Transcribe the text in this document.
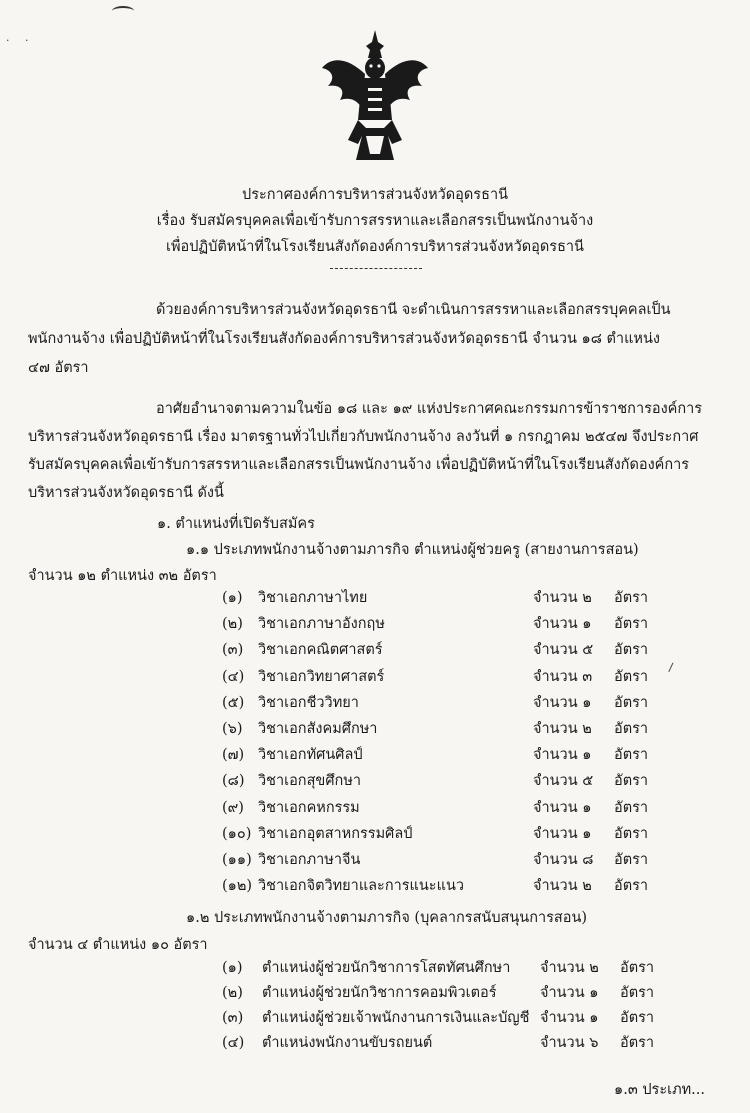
· ·
ประกาศองค์การบริหารส่วนจังหวัดอุดรธานี
เรื่อง รับสมัครบุคคลเพื่อเข้ารับการสรรหาและเลือกสรรเป็นพนักงานจ้าง
เพื่อปฏิบัติหน้าที่ในโรงเรียนสังกัดองค์การบริหารส่วนจังหวัดอุดรธานี
ด้วยองค์การบริหารส่วนจังหวัดอุดรธานี จะดำเนินการสรรหาและเลือกสรรบุคคลเป็น
พนักงานจ้าง เพื่อปฏิบัติหน้าที่ในโรงเรียนสังกัดองค์การบริหารส่วนจังหวัดอุดรธานี จำนวน ๑๘ ตำแหน่ง
๔๗ อัตรา
อาศัยอำนาจตามความในข้อ ๑๘ และ ๑๙ แห่งประกาศคณะกรรมการข้าราชการองค์การ
บริหารส่วนจังหวัดอุดรธานี เรื่อง มาตรฐานทั่วไปเกี่ยวกับพนักงานจ้าง ลงวันที่ ๑ กรกฎาคม ๒๕๔๗ จึงประกาศ
รับสมัครบุคคลเพื่อเข้ารับการสรรหาและเลือกสรรเป็นพนักงานจ้าง เพื่อปฏิบัติหน้าที่ในโรงเรียนสังกัดองค์การ
บริหารส่วนจังหวัดอุดรธานี ดังนี้
๑. ตำแหน่งที่เปิดรับสมัคร
๑.๑ ประเภทพนักงานจ้างตามภารกิจ ตำแหน่งผู้ช่วยครู (สายงานการสอน)
จำนวน ๑๒ ตำแหน่ง ๓๒ อัตรา
(๑) วิชาเอกภาษาไทย	จำนวน ๒ อัตรา
(๒) วิชาเอกภาษาอังกฤษ	จำนวน ๑ อัตรา
(๓) วิชาเอกคณิตศาสตร์	จำนวน ๕ อัตรา
(๔) วิชาเอกวิทยาศาสตร์	จำนวน ๓ อัตรา
(๕) วิชาเอกชีววิทยา	จำนวน ๑ อัตรา
(๖) วิชาเอกสังคมศึกษา	จำนวน ๒ อัตรา
(๗) วิชาเอกทัศนศิลป์	จำนวน ๑ อัตรา
(๘) วิชาเอกสุขศึกษา	จำนวน ๕ อัตรา
(๙) วิชาเอกคหกรรม	จำนวน ๑ อัตรา
(๑๐) วิชาเอกอุตสาหกรรมศิลป์	จำนวน ๑ อัตรา
(๑๑) วิชาเอกภาษาจีน	จำนวน ๘ อัตรา
(๑๒) วิชาเอกจิตวิทยาและการแนะแนว	จำนวน ๒ อัตรา
๑.๒ ประเภทพนักงานจ้างตามภารกิจ (บุคลากรสนับสนุนการสอน)
จำนวน ๔ ตำแหน่ง ๑๐ อัตรา
(๑) ตำแหน่งผู้ช่วยนักวิชาการโสตทัศนศึกษา จำนวน ๒ อัตรา
(๒) ตำแหน่งผู้ช่วยนักวิชาการคอมพิวเตอร์	จำนวน ๑ อัตรา
(๓) ตำแหน่งผู้ช่วยเจ้าพนักงานการเงินและบัญชี จำนวน ๑ อัตรา
(๔) ตำแหน่งพนักงานขับรถยนต์	จำนวน ๖ อัตรา
๑.๓ ประเภท...
